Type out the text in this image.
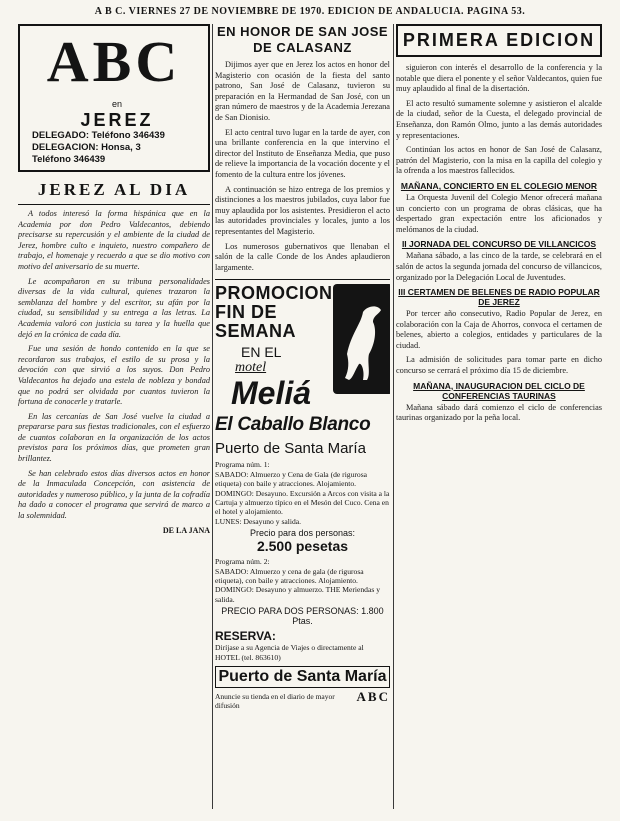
A B C. VIERNES 27 DE NOVIEMBRE DE 1970. EDICION DE ANDALUCIA. PAGINA 53.
ABC
en
JEREZ
DELEGADO: Teléfono 346439
DELEGACION: Honsa, 3
Teléfono 346439
JEREZ AL DIA

A todos interesó la forma hispánica que en la Academia por don Pedro Valdecantos, debiendo precisarse su repercusión y el ambiente de la ciudad de Jerez, hombre culto e inquieto, nuestro compañero de trabajo, el homenaje y recuerdo a que se dio motivo con motivo del aniversario de su muerte.

Le acompañaron en su tribuna personalidades diversas de la vida cultural, quienes trazaron la semblanza del hombre y del escritor, su afán por la ciudad, su sensibilidad y su entrega a las letras. La Academia valoró con justicia su tarea y la huella que dejó en la crónica de cada día.

Fue una sesión de hondo contenido en la que se recordaron sus trabajos, el estilo de su prosa y la devoción con que sirvió a los suyos. Don Pedro Valdecantos ha dejado una estela de nobleza y bondad que no podrá ser olvidada por cuantos tuvieron la fortuna de conocerle y tratarle.

En las cercanías de San José vuelve la ciudad a prepararse para sus fiestas tradicionales, con el esfuerzo de cuantos colaboran en la organización de los actos previstos para los próximos días, que prometen gran brillantez.

Se han celebrado estos días diversos actos en honor de la Inmaculada Concepción, con asistencia de autoridades y numeroso público, y la junta de la cofradía ha dado a conocer el programa que servirá de marco a la solemnidad.

DE LA JANA

EN HONOR DE SAN JOSE DE CALASANZ

Dijimos ayer que en Jerez los actos en honor del Magisterio con ocasión de la fiesta del santo patrono, San José de Calasanz, tuvieron su preparación en la Hermandad de San José, con un gran número de maestros y de la Academia Jerezana de San Dionisio.

El acto central tuvo lugar en la tarde de ayer, con una brillante conferencia en la que intervino el director del Instituto de Enseñanza Media, que puso de relieve la importancia de la vocación docente y el fomento de la cultura entre los jóvenes.

A continuación se hizo entrega de los premios y distinciones a los maestros jubilados, cuya labor fue muy aplaudida por los asistentes. Presidieron el acto las autoridades provinciales y locales, junto a los representantes del Magisterio.

Los numerosos gubernativos que llenaban el salón de la calle Conde de los Andes aplaudieron largamente.

PROMOCION
FIN DE
SEMANA
EN EL
motel
Meliá
El Caballo Blanco
Puerto de Santa María

Programa núm. 1:

SABADO: Almuerzo y Cena de Gala (de rigurosa etiqueta) con baile y atracciones. Alojamiento.

DOMINGO: Desayuno. Excursión a Arcos con visita a la Cartuja y almuerzo típico en el Mesón del Cuco. Cena en el hotel y alojamiento.

LUNES: Desayuno y salida.

Precio para dos personas:

2.500 pesetas

Programa núm. 2:

SABADO: Almuerzo y cena de gala (de rigurosa etiqueta), con baile y atracciones. Alojamiento.

DOMINGO: Desayuno y almuerzo. THE Meriendas y salida.

PRECIO PARA DOS PERSONAS: 1.800 Ptas.

RESERVA:

Diríjase a su Agencia de Viajes o directamente al HOTEL (tel. 863610)

Puerto de Santa María

ABC
Anuncie su tienda en el diario de mayor difusión

PRIMERA EDICION

siguieron con interés el desarrollo de la conferencia y la notable que diera el ponente y el señor Valdecantos, quien fue muy aplaudido al final de la disertación.

El acto resultó sumamente solemne y asistieron el alcalde de la ciudad, señor de la Cuesta, el delegado provincial de Enseñanza, don Ramón Olmo, junto a las demás autoridades y representaciones.

Continúan los actos en honor de San José de Calasanz, patrón del Magisterio, con la misa en la capilla del colegio y la ofrenda a los maestros fallecidos.

MAÑANA, CONCIERTO EN EL COLEGIO MENOR

La Orquesta Juvenil del Colegio Menor ofrecerá mañana un concierto con un programa de obras clásicas, que ha despertado gran expectación entre los aficionados y melómanos de la ciudad.

II JORNADA DEL CONCURSO DE VILLANCICOS

Mañana sábado, a las cinco de la tarde, se celebrará en el salón de actos la segunda jornada del concurso de villancicos, organizado por la Delegación Local de Juventudes.

III CERTAMEN DE BELENES DE RADIO POPULAR DE JEREZ

Por tercer año consecutivo, Radio Popular de Jerez, en colaboración con la Caja de Ahorros, convoca el certamen de belenes, abierto a colegios, entidades y particulares de la ciudad.

La admisión de solicitudes para tomar parte en dicho concurso se cerrará el próximo día 15 de diciembre.

MAÑANA, INAUGURACION DEL CICLO DE CONFERENCIAS TAURINAS

Mañana sábado dará comienzo el ciclo de conferencias taurinas organizado por la peña local.
